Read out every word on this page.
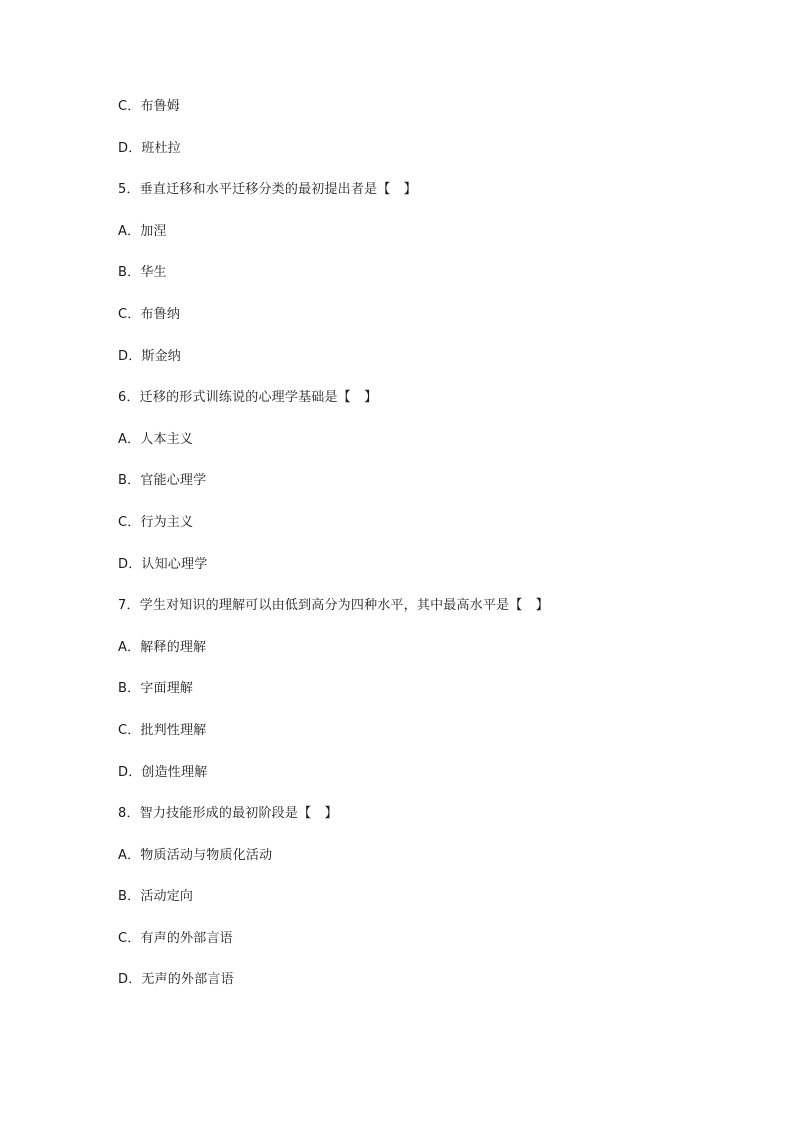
C．布鲁姆
D．班杜拉
5．垂直迁移和水平迁移分类的最初提出者是【　】
A．加涅
B．华生
C．布鲁纳
D．斯金纳
6．迁移的形式训练说的心理学基础是【　】
A．人本主义
B．官能心理学
C．行为主义
D．认知心理学
7．学生对知识的理解可以由低到高分为四种水平，其中最高水平是【　】
A．解释的理解
B．字面理解
C．批判性理解
D．创造性理解
8．智力技能形成的最初阶段是【　】
A．物质活动与物质化活动
B．活动定向
C．有声的外部言语
D．无声的外部言语
